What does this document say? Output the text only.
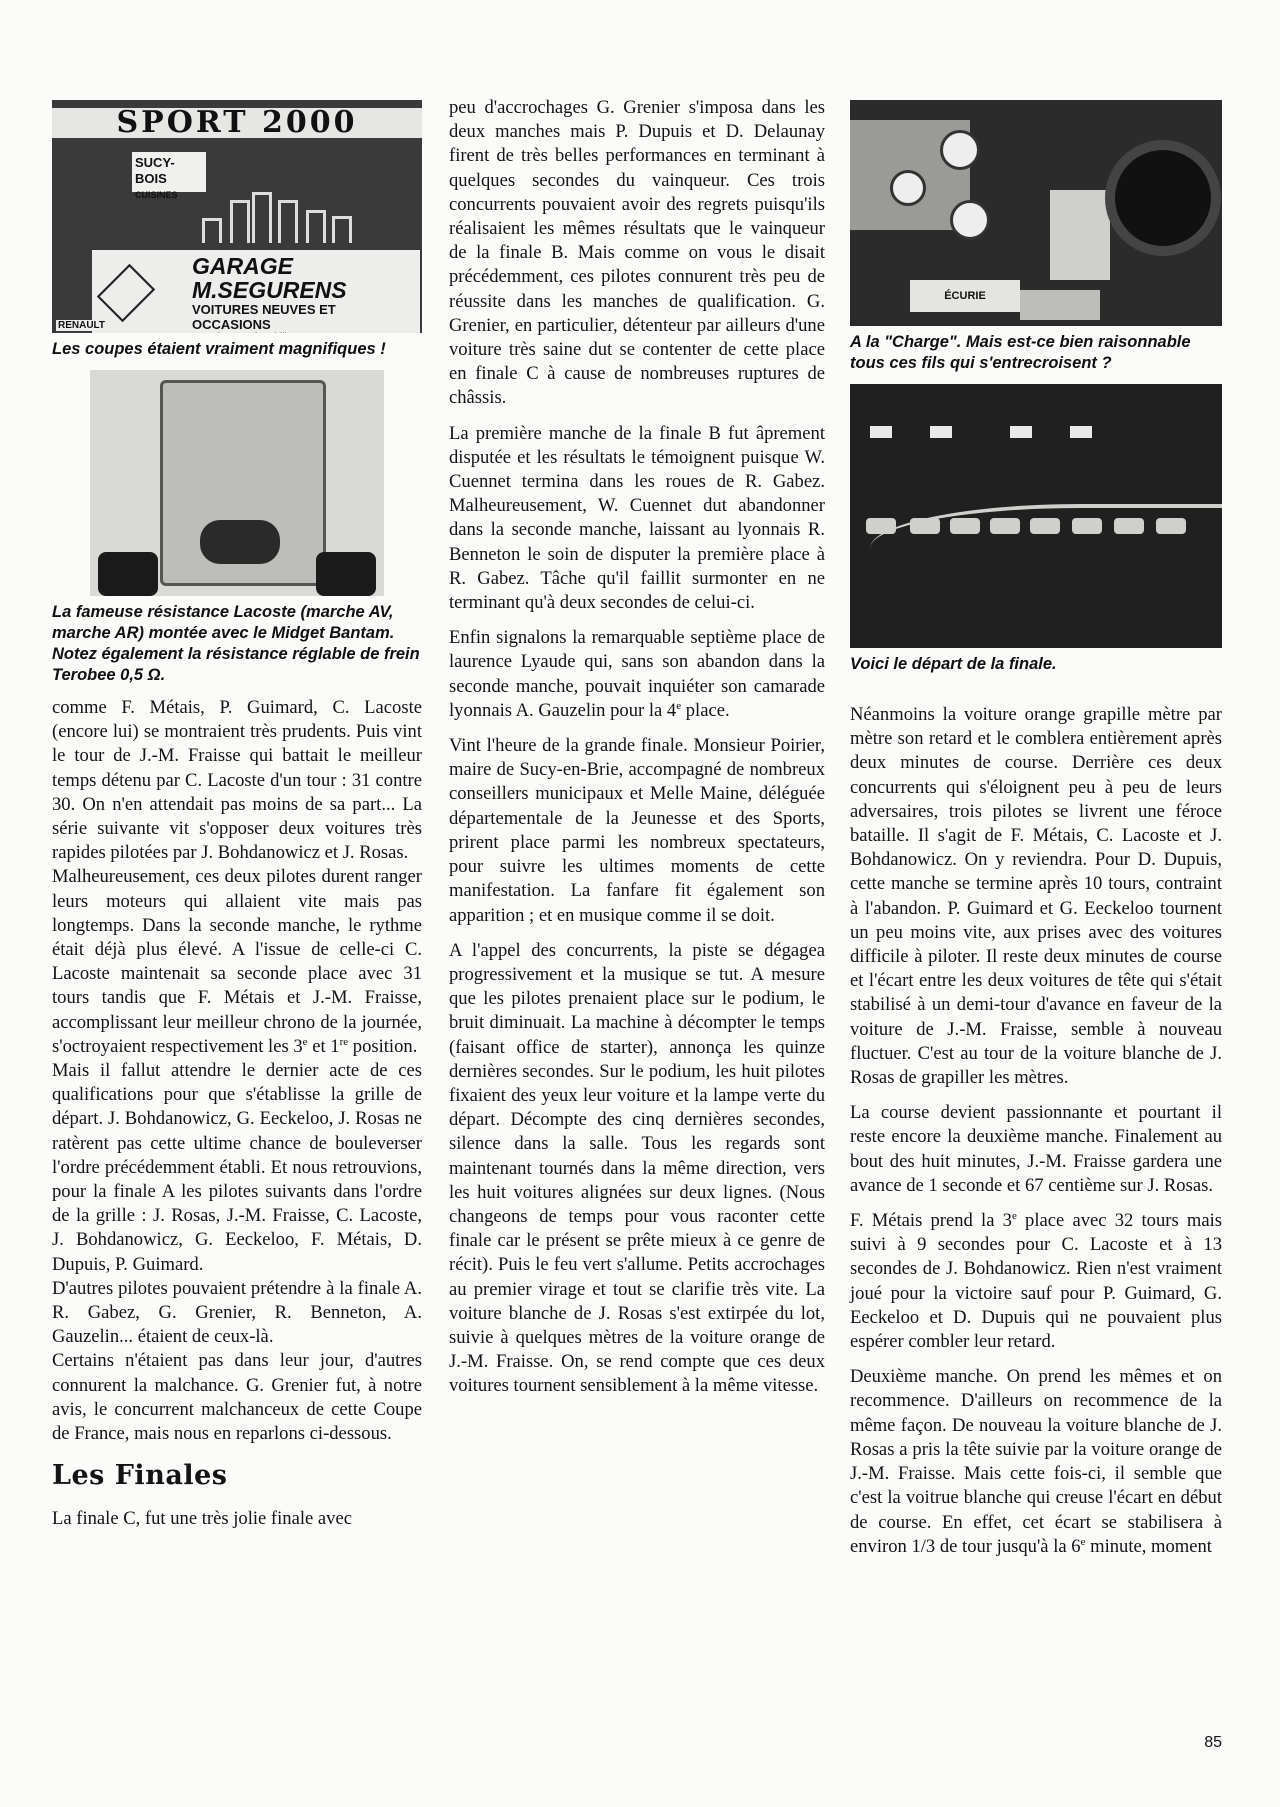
SPORT 2000
SUCY-BOIS
CUISINES
GARAGE M.SEGURENS
VOITURES NEUVES ET OCCASIONS

RENAULT
Les coupes étaient vraiment magnifiques !
La fameuse résistance Lacoste (marche AV, marche AR) montée avec le Midget Bantam. Notez également la résistance réglable de frein Terobee 0,5 Ω.

comme F. Métais, P. Guimard, C. Lacoste (encore lui) se montraient très prudents. Puis vint le tour de J.-M. Fraisse qui battait le meilleur temps détenu par C. Lacoste d'un tour : 31 contre 30. On n'en attendait pas moins de sa part... La série suivante vit s'opposer deux voitures très rapides pilotées par J. Bohdanowicz et J. Rosas.

Malheureusement, ces deux pilotes durent ranger leurs moteurs qui allaient vite mais pas longtemps. Dans la seconde manche, le rythme était déjà plus élevé. A l'issue de celle-ci C. Lacoste maintenait sa seconde place avec 31 tours tandis que F. Métais et J.-M. Fraisse, accomplissant leur meilleur chrono de la journée, s'octroyaient respectivement les 3e et 1re position.

Mais il fallut attendre le dernier acte de ces qualifications pour que s'établisse la grille de départ. J. Bohdanowicz, G. Eeckeloo, J. Rosas ne ratèrent pas cette ultime chance de bouleverser l'ordre précédemment établi. Et nous retrouvions, pour la finale A les pilotes suivants dans l'ordre de la grille : J. Rosas, J.-M. Fraisse, C. Lacoste, J. Bohdanowicz, G. Eeckeloo, F. Métais, D. Dupuis, P. Guimard.

D'autres pilotes pouvaient prétendre à la finale A. R. Gabez, G. Grenier, R. Benneton, A. Gauzelin... étaient de ceux-là.

Certains n'étaient pas dans leur jour, d'autres connurent la malchance. G. Grenier fut, à notre avis, le concurrent malchanceux de cette Coupe de France, mais nous en reparlons ci-dessous.

Les Finales

La finale C, fut une très jolie finale avec

peu d'accrochages G. Grenier s'imposa dans les deux manches mais P. Dupuis et D. Delaunay firent de très belles performances en terminant à quelques secondes du vainqueur. Ces trois concurrents pouvaient avoir des regrets puisqu'ils réalisaient les mêmes résultats que le vainqueur de la finale B. Mais comme on vous le disait précédemment, ces pilotes connurent très peu de réussite dans les manches de qualification. G. Grenier, en particulier, détenteur par ailleurs d'une voiture très saine dut se contenter de cette place en finale C à cause de nombreuses ruptures de châssis.

La première manche de la finale B fut âprement disputée et les résultats le témoignent puisque W. Cuennet termina dans les roues de R. Gabez. Malheureusement, W. Cuennet dut abandonner dans la seconde manche, laissant au lyonnais R. Benneton le soin de disputer la première place à R. Gabez. Tâche qu'il faillit surmonter en ne terminant qu'à deux secondes de celui-ci.

Enfin signalons la remarquable septième place de laurence Lyaude qui, sans son abandon dans la seconde manche, pouvait inquiéter son camarade lyonnais A. Gauzelin pour la 4e place.

Vint l'heure de la grande finale. Monsieur Poirier, maire de Sucy-en-Brie, accompagné de nombreux conseillers municipaux et Melle Maine, déléguée départementale de la Jeunesse et des Sports, prirent place parmi les nombreux spectateurs, pour suivre les ultimes moments de cette manifestation. La fanfare fit également son apparition ; et en musique comme il se doit.

A l'appel des concurrents, la piste se dégagea progressivement et la musique se tut. A mesure que les pilotes prenaient place sur le podium, le bruit diminuait. La machine à décompter le temps (faisant office de starter), annonça les quinze dernières secondes. Sur le podium, les huit pilotes fixaient des yeux leur voiture et la lampe verte du départ. Décompte des cinq dernières secondes, silence dans la salle. Tous les regards sont maintenant tournés dans la même direction, vers les huit voitures alignées sur deux lignes. (Nous changeons de temps pour vous raconter cette finale car le présent se prête mieux à ce genre de récit). Puis le feu vert s'allume. Petits accrochages au premier virage et tout se clarifie très vite. La voiture blanche de J. Rosas s'est extirpée du lot, suivie à quelques mètres de la voiture orange de J.-M. Fraisse. On, se rend compte que ces deux voitures tournent sensiblement à la même vitesse.

ÉCURIE
A la "Charge". Mais est-ce bien raisonnable tous ces fils qui s'entrecroisent ?
Voici le départ de la finale.

Néanmoins la voiture orange grapille mètre par mètre son retard et le comblera entièrement après deux minutes de course. Derrière ces deux concurrents qui s'éloignent peu à peu de leurs adversaires, trois pilotes se livrent une féroce bataille. Il s'agit de F. Métais, C. Lacoste et J. Bohdanowicz. On y reviendra. Pour D. Dupuis, cette manche se termine après 10 tours, contraint à l'abandon. P. Guimard et G. Eeckeloo tournent un peu moins vite, aux prises avec des voitures difficile à piloter. Il reste deux minutes de course et l'écart entre les deux voitures de tête qui s'était stabilisé à un demi-tour d'avance en faveur de la voiture de J.-M. Fraisse, semble à nouveau fluctuer. C'est au tour de la voiture blanche de J. Rosas de grapiller les mètres.

La course devient passionnante et pourtant il reste encore la deuxième manche. Finalement au bout des huit minutes, J.-M. Fraisse gardera une avance de 1 seconde et 67 centième sur J. Rosas.

F. Métais prend la 3e place avec 32 tours mais suivi à 9 secondes pour C. Lacoste et à 13 secondes de J. Bohdanowicz. Rien n'est vraiment joué pour la victoire sauf pour P. Guimard, G. Eeckeloo et D. Dupuis qui ne pouvaient plus espérer combler leur retard.

Deuxième manche. On prend les mêmes et on recommence. D'ailleurs on recommence de la même façon. De nouveau la voiture blanche de J. Rosas a pris la tête suivie par la voiture orange de J.-M. Fraisse. Mais cette fois-ci, il semble que c'est la voitrue blanche qui creuse l'écart en début de course. En effet, cet écart se stabilisera à environ 1/3 de tour jusqu'à la 6e minute, moment

85
